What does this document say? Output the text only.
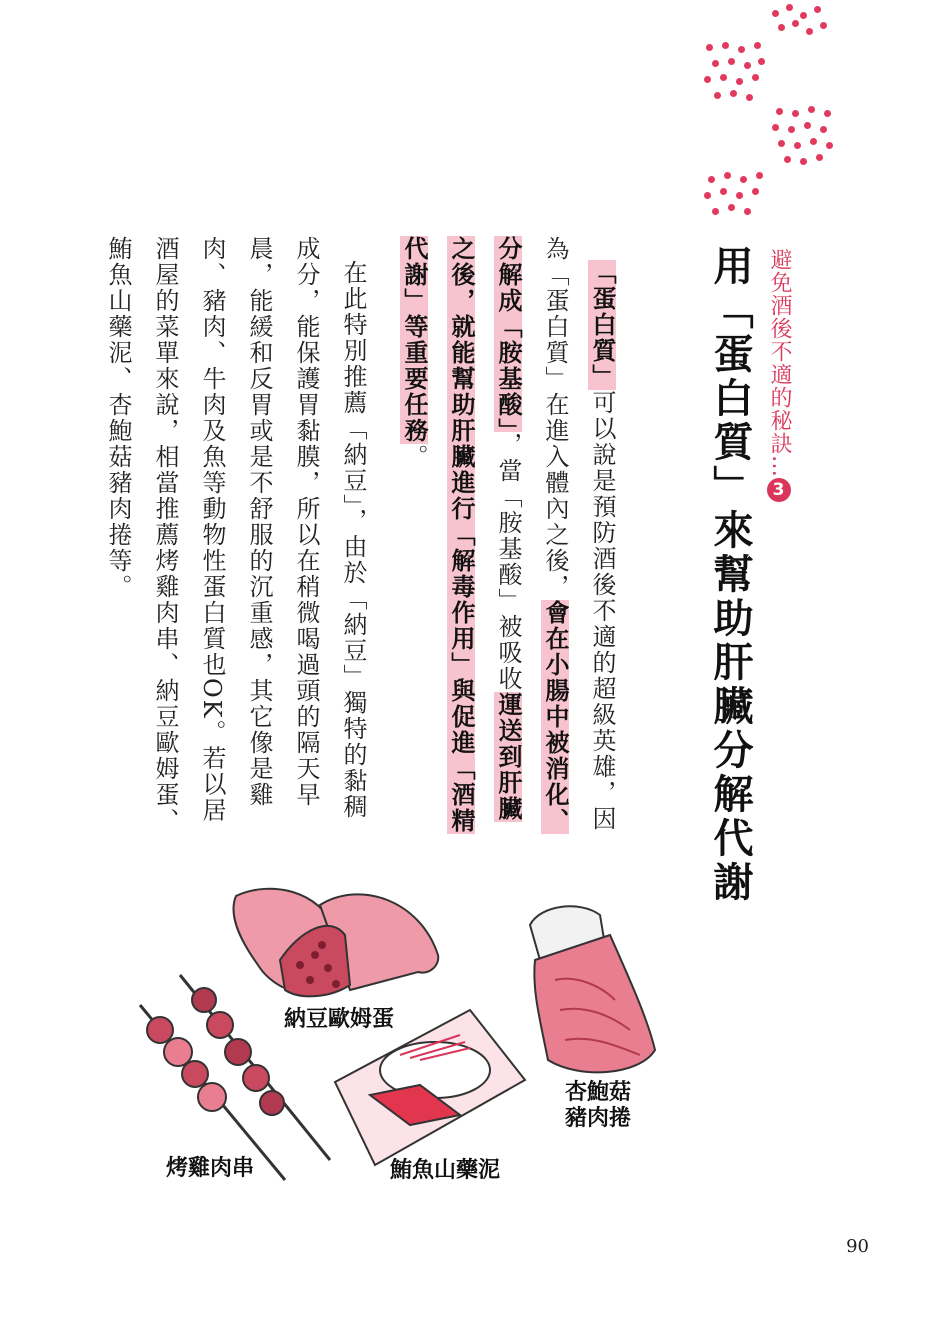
避免酒後不適的秘訣…3
用「蛋白質」來幫助肝臟分解代謝

「蛋白質」可以說是預防酒後不適的超級英雄，因為「蛋白質」在進入體內之後，會在小腸中被消化、分解成「胺基酸」，當「胺基酸」被吸收運送到肝臟之後，就能幫助肝臟進行「解毒作用」與促進「酒精代謝」等重要任務。

在此特別推薦「納豆」，由於「納豆」獨特的黏稠成分，能保護胃黏膜，所以在稍微喝過頭的隔天早晨，能緩和反胃或是不舒服的沉重感，其它像是雞肉、豬肉、牛肉及魚等動物性蛋白質也OK。若以居酒屋的菜單來說，相當推薦烤雞肉串、納豆歐姆蛋、鮪魚山藥泥、杏鮑菇豬肉捲等。

納豆歐姆蛋
杏鮑菇
豬肉捲
烤雞肉串	鮪魚山藥泥
90
